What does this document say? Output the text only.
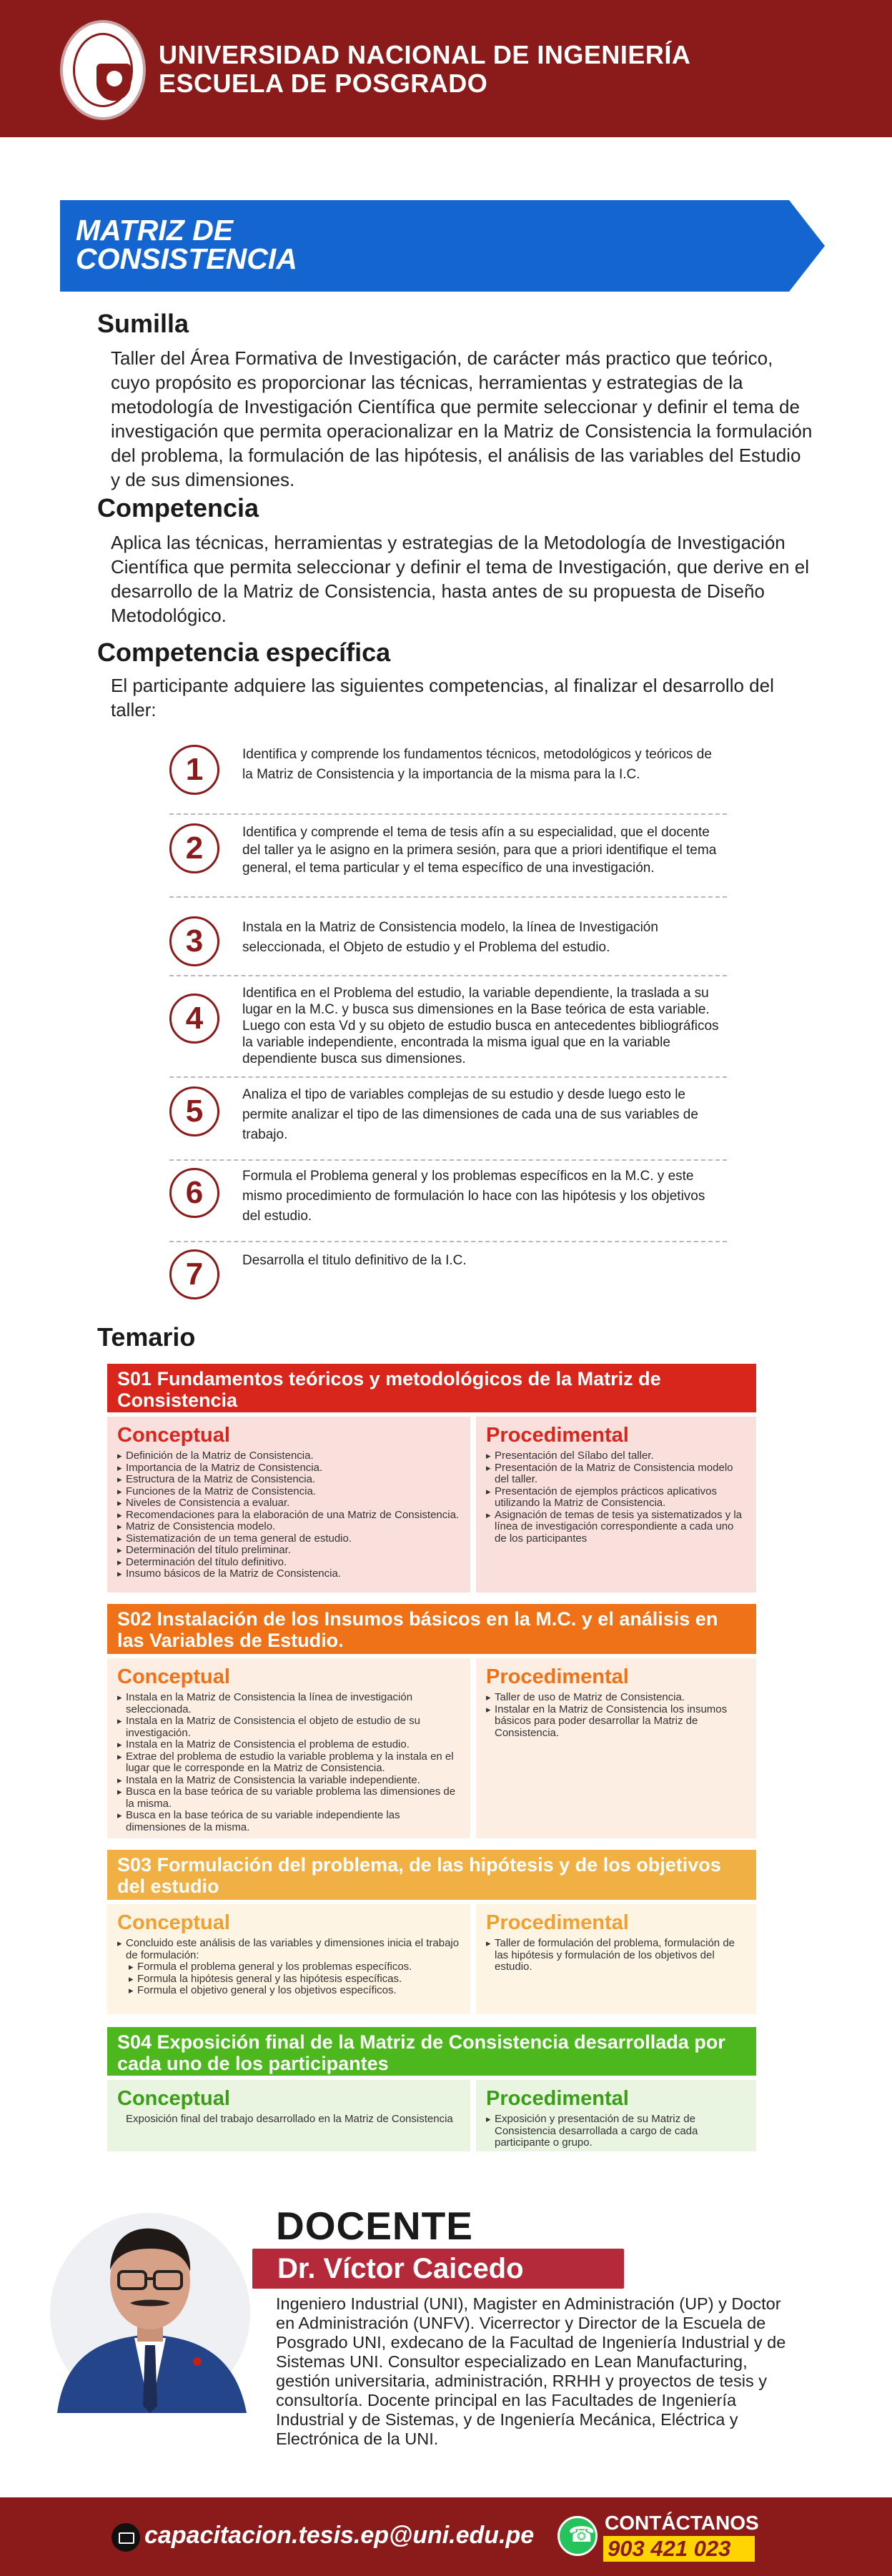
UNIVERSIDAD NACIONAL DE INGENIERÍA
ESCUELA DE POSGRADO
MATRIZ DE
CONSISTENCIA
Sumilla
Taller del Área Formativa de Investigación, de carácter más practico que teórico, cuyo propósito es proporcionar las técnicas, herramientas y estrategias de la metodología de Investigación Científica que permite seleccionar y definir el tema de investigación que permita operacionalizar en la Matriz de Consistencia la formulación del problema, la formulación de las hipótesis, el análisis de las variables del Estudio y de sus dimensiones.
Competencia
Aplica las técnicas, herramientas y estrategias de la Metodología de Investigación Científica que permita seleccionar y definir el tema de Investigación, que derive en el desarrollo de la Matriz de Consistencia, hasta antes de su propuesta de Diseño Metodológico.
Competencia específica
El participante adquiere las siguientes competencias, al finalizar el desarrollo del taller:
1	Identifica y comprende los fundamentos técnicos, metodológicos y teóricos de la Matriz de Consistencia y la importancia de la misma para la I.C.
2	Identifica y comprende el tema de tesis afín a su especialidad, que el docente del taller ya le asigno en la primera sesión, para que a priori identifique el tema general, el tema particular y el tema específico de una investigación.
3	Instala en la Matriz de Consistencia modelo, la línea de Investigación seleccionada, el Objeto de estudio y el Problema del estudio.
4
Identifica en el Problema del estudio, la variable dependiente, la traslada a su lugar en la M.C. y busca sus dimensiones en la Base teórica de esta variable. Luego con esta Vd y su objeto de estudio busca en antecedentes bibliográficos la variable independiente, encontrada la misma igual que en la variable dependiente busca sus dimensiones.
5	Analiza el tipo de variables complejas de su estudio y desde luego esto le permite analizar el tipo de las dimensiones de cada una de sus variables de trabajo.
6	Formula el Problema general y los problemas específicos en la M.C. y este mismo procedimiento de formulación lo hace con las hipótesis y los objetivos del estudio.
7	Desarrolla el titulo definitivo de la I.C.
Temario
S01 Fundamentos teóricos y metodológicos de la Matriz de Consistencia
Conceptual
▸ Definición de la Matriz de Consistencia.
▸ Importancia de la Matriz de Consistencia.
▸ Estructura de la Matriz de Consistencia.
▸ Funciones de la Matriz de Consistencia.
▸ Niveles de Consistencia a evaluar.
▸ Recomendaciones para la elaboración de una Matriz de Consistencia.
▸ Matriz de Consistencia modelo.
▸ Sistematización de un tema general de estudio.
▸ Determinación del título preliminar.
▸ Determinación del título definitivo.
▸ Insumo básicos de la Matriz de Consistencia.
Procedimental
▸ Presentación del Sílabo del taller.
▸ Presentación de la Matriz de Consistencia modelo del taller.
▸ Presentación de ejemplos prácticos aplicativos utilizando la Matriz de Consistencia.
▸ Asignación de temas de tesis ya sistematizados y la línea de investigación correspondiente a cada uno de los participantes
S02 Instalación de los Insumos básicos en la M.C. y el análisis en las Variables de Estudio.
Conceptual
▸ Instala en la Matriz de Consistencia la línea de investigación seleccionada.
▸ Instala en la Matriz de Consistencia el objeto de estudio de su investigación.
▸ Instala en la Matriz de Consistencia el problema de estudio.
▸ Extrae del problema de estudio la variable problema y la instala en el lugar que le corresponde en la Matriz de Consistencia.
▸ Instala en la Matriz de Consistencia la variable independiente.
▸ Busca en la base teórica de su variable problema las dimensiones de la misma.
▸ Busca en la base teórica de su variable independiente las dimensiones de la misma.
Procedimental
▸ Taller de uso de Matriz de Consistencia.
▸ Instalar en la Matriz de Consistencia los insumos básicos para poder desarrollar la Matriz de Consistencia.
S03 Formulación del problema, de las hipótesis y de los objetivos del estudio
Conceptual
▸ Concluido este análisis de las variables y dimensiones inicia el trabajo de formulación:
▸ Formula el problema general y los problemas específicos.
▸ Formula la hipótesis general y las hipótesis específicas.
▸ Formula el objetivo general y los objetivos específicos.
Procedimental
▸ Taller de formulación del problema, formulación de las hipótesis y formulación de los objetivos del estudio.
S04 Exposición final de la Matriz de Consistencia desarrollada por cada uno de los participantes
Conceptual
Exposición final del trabajo desarrollado en la Matriz de Consistencia
Procedimental
▸ Exposición y presentación de su Matriz de Consistencia desarrollada a cargo de cada participante o grupo.
DOCENTE
Dr. Víctor Caicedo
Ingeniero Industrial (UNI), Magister en Administración (UP) y Doctor en Administración (UNFV). Vicerrector y Director de la Escuela de Posgrado UNI, exdecano de la Facultad de Ingeniería Industrial y de Sistemas UNI. Consultor especializado en Lean Manufacturing, gestión universitaria, administración, RRHH y proyectos de tesis y consultoría. Docente principal en las Facultades de Ingeniería Industrial y de Sistemas, y de Ingeniería Mecánica, Eléctrica y Electrónica de la UNI.
capacitacion.tesis.ep@uni.edu.pe
☎	CONTÁCTANOS
903 421 023
